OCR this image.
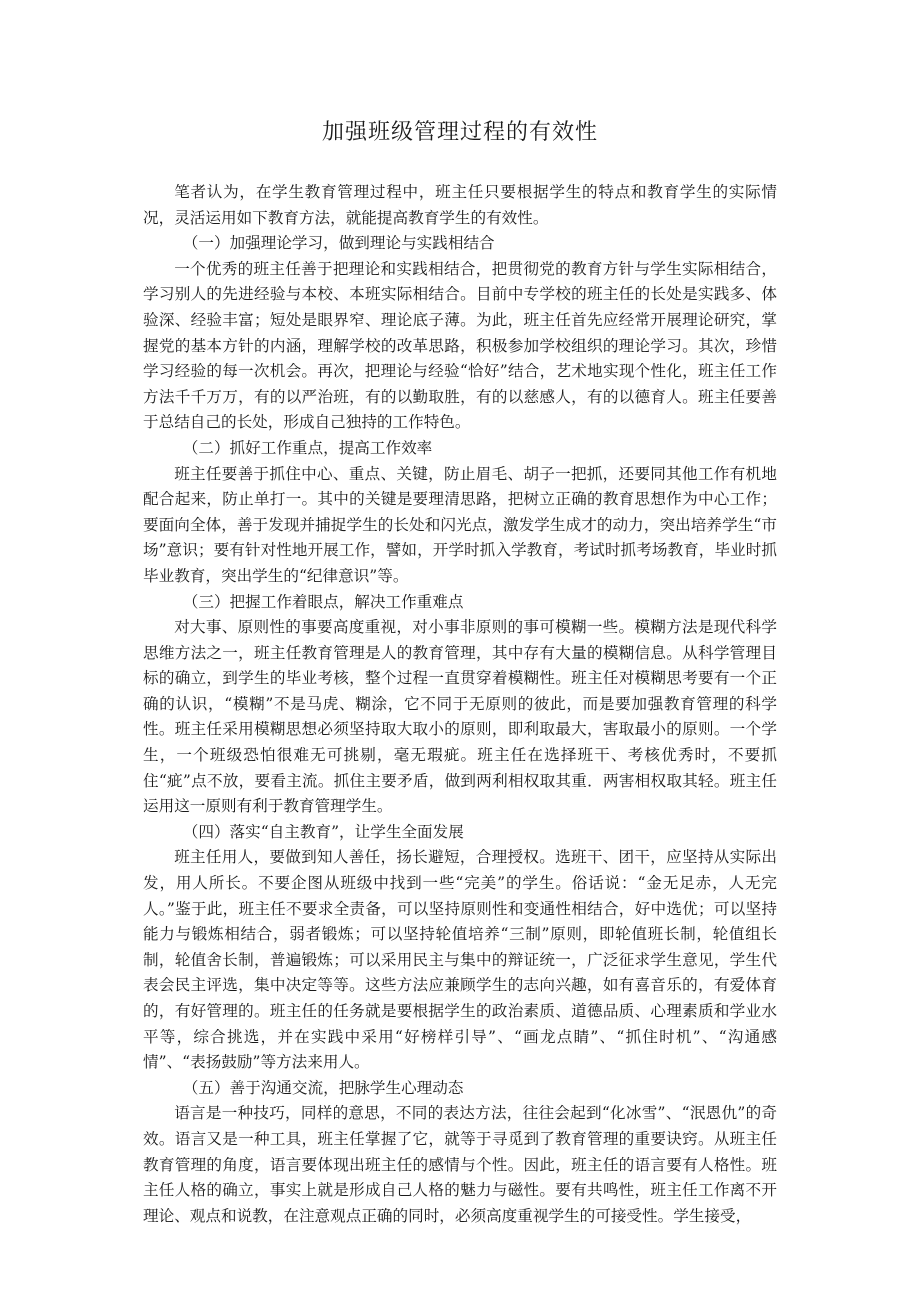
加强班级管理过程的有效性

笔者认为，在学生教育管理过程中，班主任只要根据学生的特点和教育学生的实际情况，灵活运用如下教育方法，就能提高教育学生的有效性。

（一）加强理论学习，做到理论与实践相结合

一个优秀的班主任善于把理论和实践相结合，把贯彻党的教育方针与学生实际相结合，学习别人的先进经验与本校、本班实际相结合。目前中专学校的班主任的长处是实践多、体验深、经验丰富；短处是眼界窄、理论底子薄。为此，班主任首先应经常开展理论研究，掌握党的基本方针的内涵，理解学校的改革思路，积极参加学校组织的理论学习。其次，珍惜学习经验的每一次机会。再次，把理论与经验“恰好”结合，艺术地实现个性化，班主任工作方法千千万万，有的以严治班，有的以勤取胜，有的以慈感人，有的以德育人。班主任要善于总结自己的长处，形成自己独持的工作特色。

（二）抓好工作重点，提高工作效率

班主任要善于抓住中心、重点、关键，防止眉毛、胡子一把抓，还要同其他工作有机地配合起来，防止单打一。其中的关键是要理清思路，把树立正确的教育思想作为中心工作；要面向全体，善于发现并捕捉学生的长处和闪光点，激发学生成才的动力，突出培养学生“市场”意识；要有针对性地开展工作，譬如，开学时抓入学教育，考试时抓考场教育，毕业时抓毕业教育，突出学生的“纪律意识”等。

（三）把握工作着眼点，解决工作重难点

对大事、原则性的事要高度重视，对小事非原则的事可模糊一些。模糊方法是现代科学思维方法之一，班主任教育管理是人的教育管理，其中存有大量的模糊信息。从科学管理目标的确立，到学生的毕业考核，整个过程一直贯穿着模糊性。班主任对模糊思考要有一个正确的认识，“模糊”不是马虎、糊涂，它不同于无原则的彼此，而是要加强教育管理的科学性。班主任采用模糊思想必须坚持取大取小的原则，即利取最大，害取最小的原则。一个学生，一个班级恐怕很难无可挑剔，毫无瑕疵。班主任在选择班干、考核优秀时，不要抓住“疵”点不放，要看主流。抓住主要矛盾，做到两利相权取其重．两害相权取其轻。班主任运用这一原则有利于教育管理学生。

（四）落实“自主教育”，让学生全面发展

班主任用人，要做到知人善任，扬长避短，合理授权。选班干、团干，应坚持从实际出发，用人所长。不要企图从班级中找到一些“完美”的学生。俗话说：“金无足赤，人无完人。”鉴于此，班主任不要求全责备，可以坚持原则性和变通性相结合，好中选优；可以坚持能力与锻炼相结合，弱者锻炼；可以坚持轮值培养“三制”原则，即轮值班长制，轮值组长制，轮值舍长制，普遍锻炼；可以采用民主与集中的辩证统一，广泛征求学生意见，学生代表会民主评选，集中决定等等。这些方法应兼顾学生的志向兴趣，如有喜音乐的，有爱体育的，有好管理的。班主任的任务就是要根据学生的政治素质、道德品质、心理素质和学业水平等，综合挑选，并在实践中采用“好榜样引导”、“画龙点睛”、“抓住时机”、“沟通感情”、“表扬鼓励”等方法来用人。

（五）善于沟通交流，把脉学生心理动态

语言是一种技巧，同样的意思，不同的表达方法，往往会起到“化冰雪”、“泯恩仇”的奇效。语言又是一种工具，班主任掌握了它，就等于寻觅到了教育管理的重要诀窍。从班主任教育管理的角度，语言要体现出班主任的感情与个性。因此，班主任的语言要有人格性。班主任人格的确立，事实上就是形成自己人格的魅力与磁性。要有共鸣性，班主任工作离不开理论、观点和说教，在注意观点正确的同时，必须高度重视学生的可接受性。学生接受，
